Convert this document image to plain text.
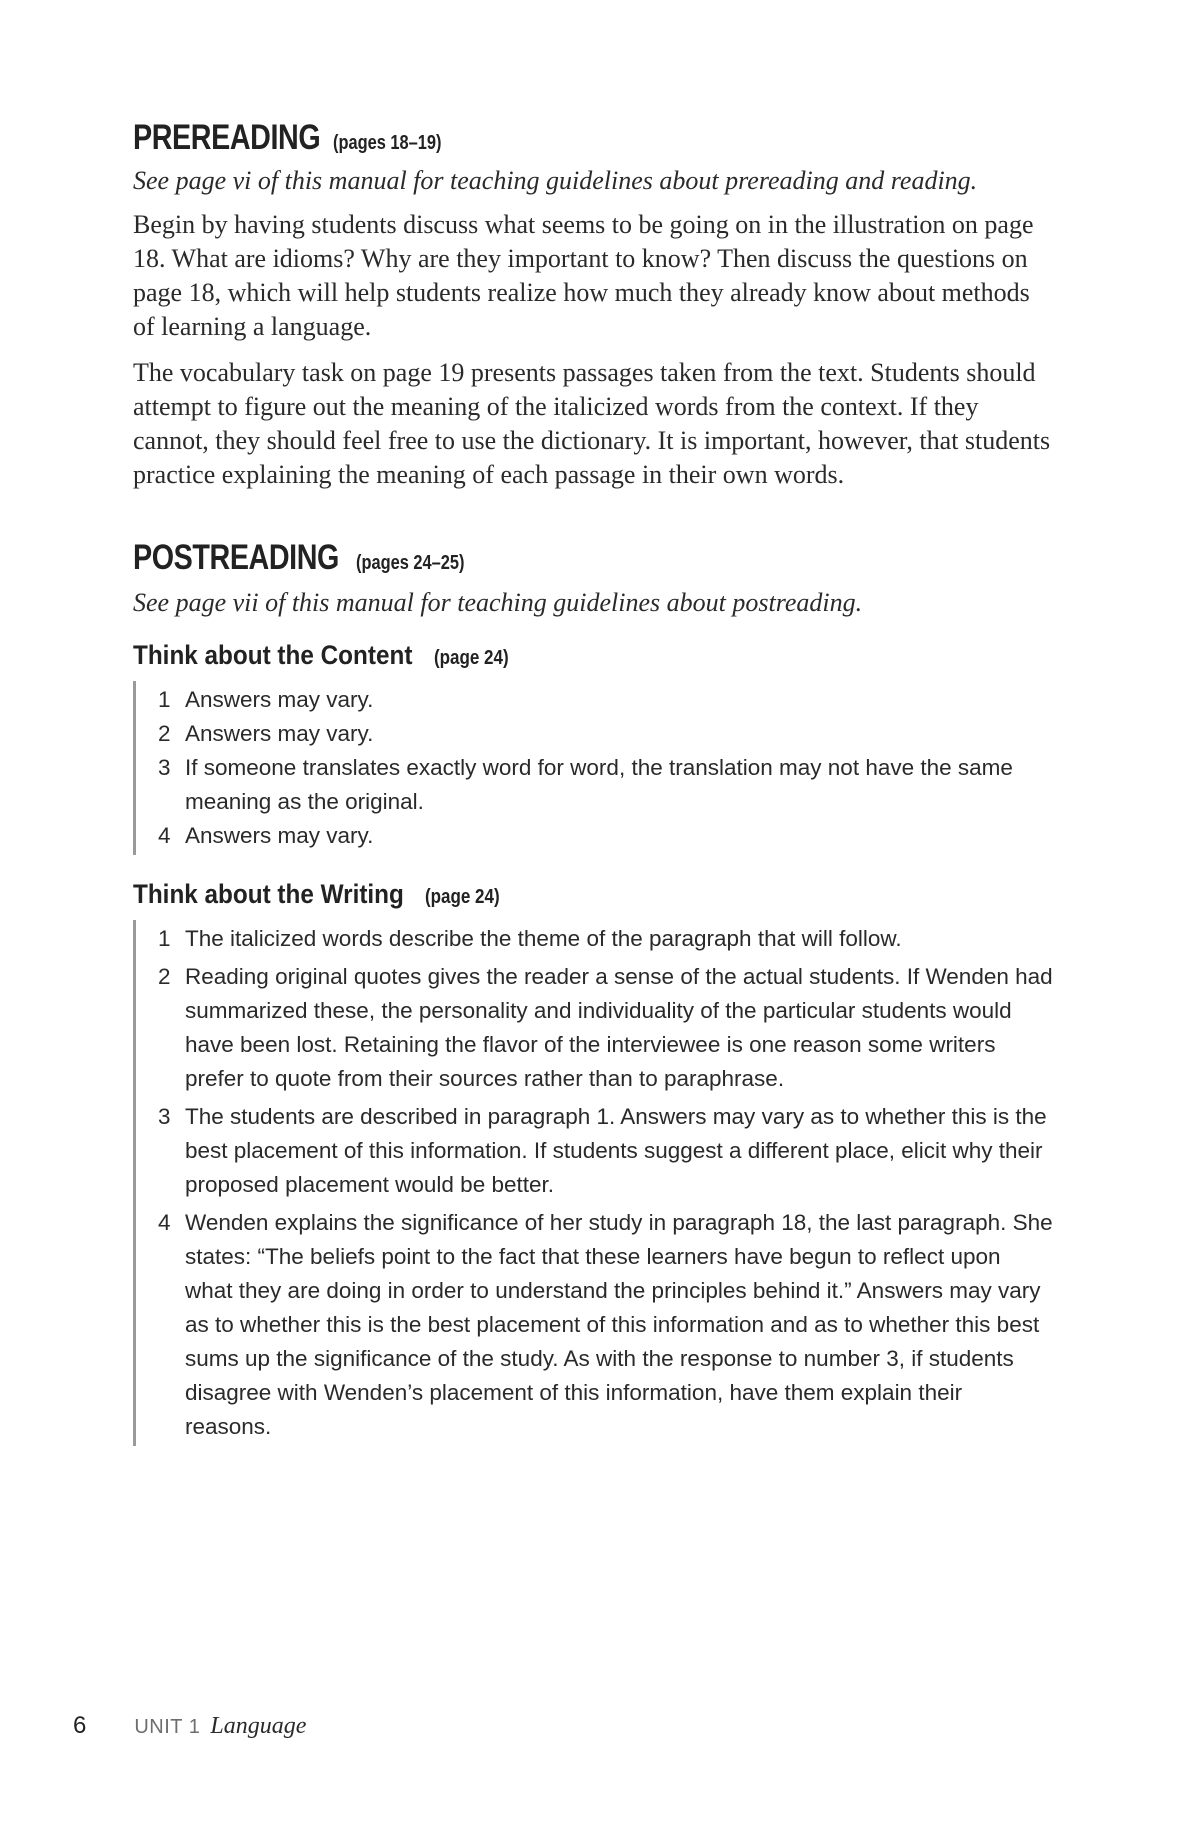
PREREADING (pages 18–19)

See page vi of this manual for teaching guidelines about prereading and reading.

Begin by having students discuss what seems to be going on in the illustration on page 18. What are idioms? Why are they important to know? Then discuss the questions on page 18, which will help students realize how much they already know about methods of learning a language.

The vocabulary task on page 19 presents passages taken from the text. Students should attempt to figure out the meaning of the italicized words from the context. If they cannot, they should feel free to use the dictionary. It is important, however, that students practice explaining the meaning of each passage in their own words.

POSTREADING (pages 24–25)

See page vii of this manual for teaching guidelines about postreading.

Think about the Content (page 24)
1 Answers may vary.
2 Answers may vary.
3 If someone translates exactly word for word, the translation may not have the same meaning as the original.
4 Answers may vary.
Think about the Writing (page 24)
1 The italicized words describe the theme of the paragraph that will follow.
2 Reading original quotes gives the reader a sense of the actual students. If Wenden had summarized these, the personality and individuality of the particular students would have been lost. Retaining the flavor of the interviewee is one reason some writers prefer to quote from their sources rather than to paraphrase.
3 The students are described in paragraph 1. Answers may vary as to whether this is the best placement of this information. If students suggest a different place, elicit why their proposed placement would be better.
4 Wenden explains the significance of her study in paragraph 18, the last paragraph. She states: “The beliefs point to the fact that these learners have begun to reflect upon what they are doing in order to understand the principles behind it.” Answers may vary as to whether this is the best placement of this information and as to whether this best sums up the significance of the study. As with the response to number 3, if students disagree with Wenden’s placement of this information, have them explain their reasons.
6 UNIT 1 Language
